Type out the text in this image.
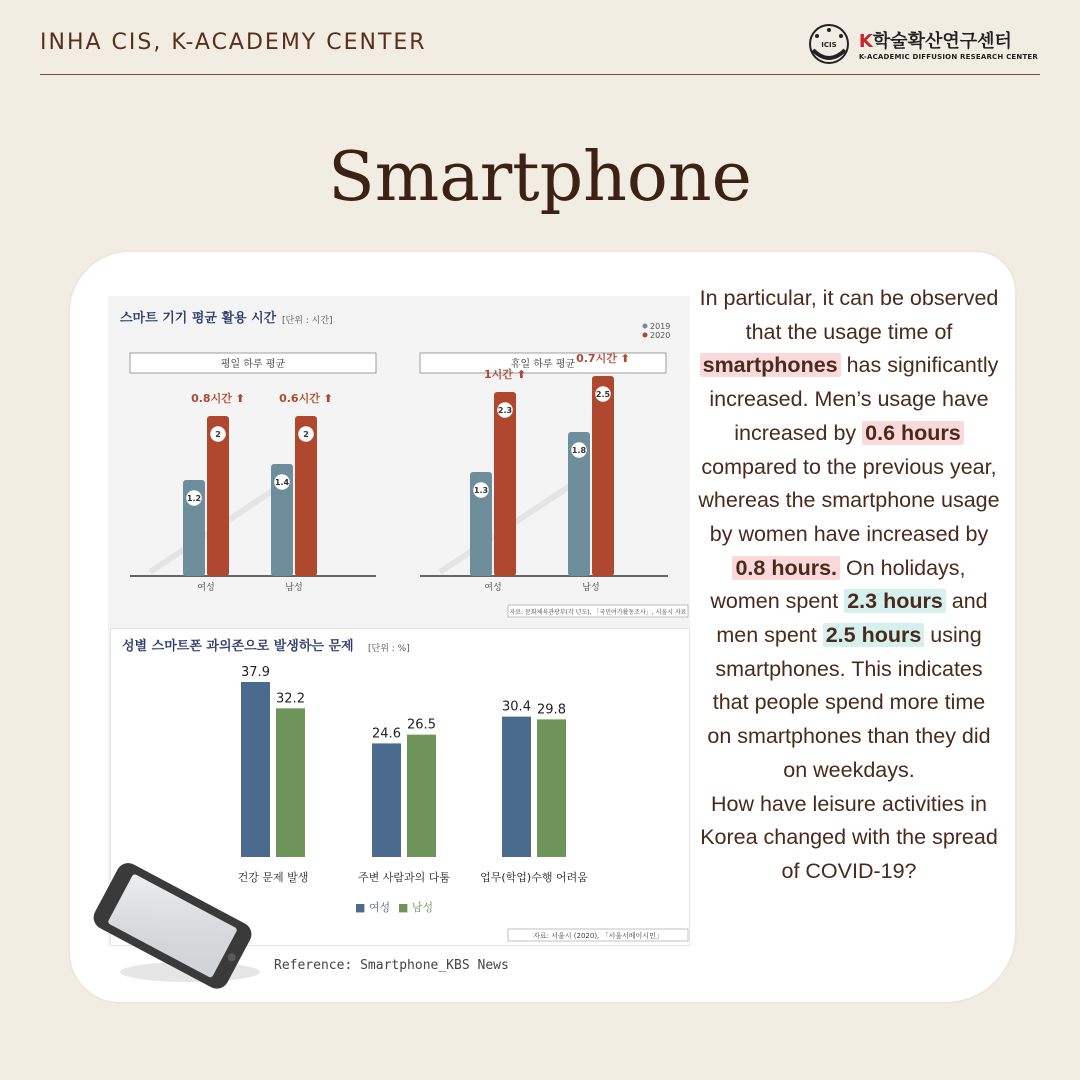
INHA CIS, K-ACADEMY CENTER	ICIS K학술확산연구센터
K-ACADEMIC DIFFUSION RESEARCH CENTER
Smartphone
스마트 기기 평균 활용 시간 [단위 : 시간]
2019
2020
평일 하루 평균
1.2
2
0.8시간 ⬆
여성
1.4
2
0.6시간 ⬆
남성
휴일 하루 평균
1.3
2.3
1시간 ⬆
여성
1.8
2.5
0.7시간 ⬆
남성
자료: 문화체육관광부(각 년도), 「국민여가활동조사」, 서울시 자료
성별 스마트폰 과의존으로 발생하는 문제 [단위 : %]
37.9
32.2
건강 문제 발생
24.6
26.5
주변 사람과의 다툼
30.4 29.8
업무(학업)수행 어려움
■ 여성 ■ 남성
자료: 서울시 (2020), 「서울서베이시민」
Reference: Smartphone_KBS News
In particular, it can be observed that the usage time of smartphones has significantly increased. Men’s usage have increased by 0.6 hours compared to the previous year, whereas the smartphone usage by women have increased by 0.8 hours. On holidays, women spent 2.3 hours and men spent 2.5 hours using smartphones. This indicates that people spend more time on smartphones than they did on weekdays.
How have leisure activities in Korea changed with the spread of COVID-19?
